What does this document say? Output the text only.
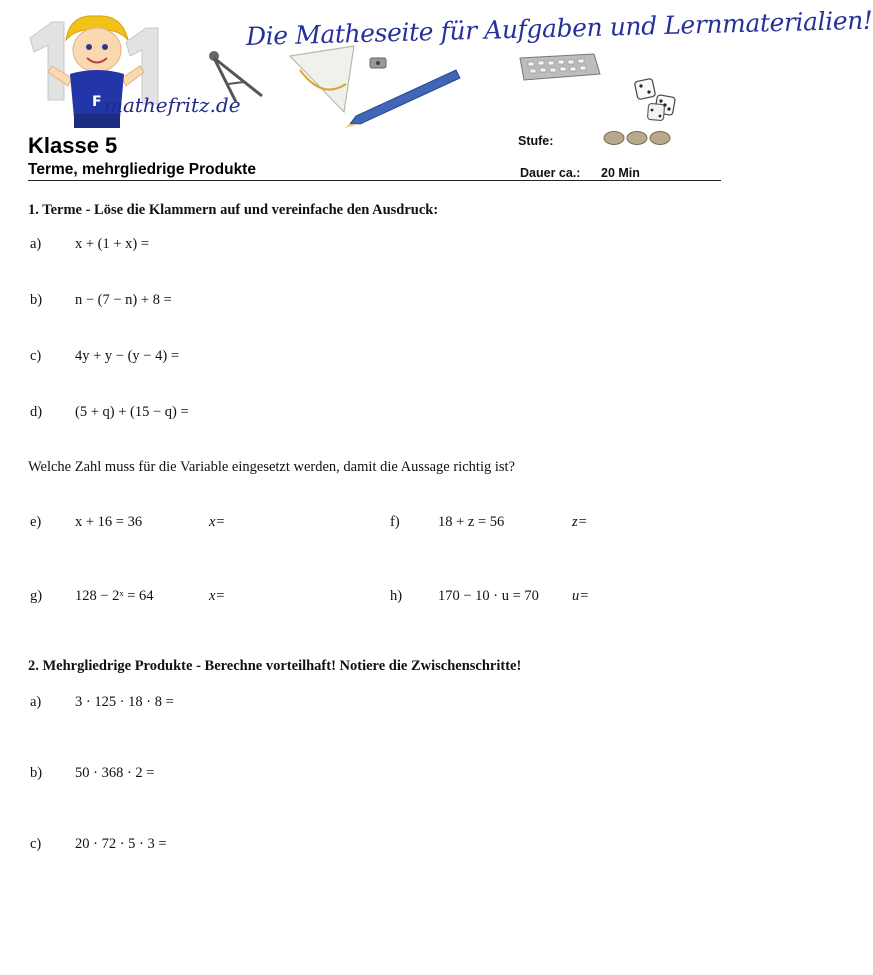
F
Die Matheseite für Aufgaben und Lernmaterialien!
mathefritz.de
Klasse 5
Terme, mehrgliedrige Produkte
Stufe:
Dauer ca.: 20 Min
1. Terme - Löse die Klammern auf und vereinfache den Ausdruck:
a) x + (1 + x) =
b) n − (7 − n) + 8 =
c) 4y + y − (y − 4) =
d) (5 + q) + (15 − q) =
Welche Zahl muss für die Variable eingesetzt werden, damit die Aussage richtig ist?
e) x + 16 = 36	x=	f)	18 + z = 56	z=
g) 128 − 2ˣ = 64	x=	h) 170 − 10 · u = 70 u=
2. Mehrgliedrige Produkte - Berechne vorteilhaft! Notiere die Zwischenschritte!
a) 3 · 125 · 18 · 8 =
b) 50 · 368 · 2 =
c) 20 · 72 · 5 · 3 =
